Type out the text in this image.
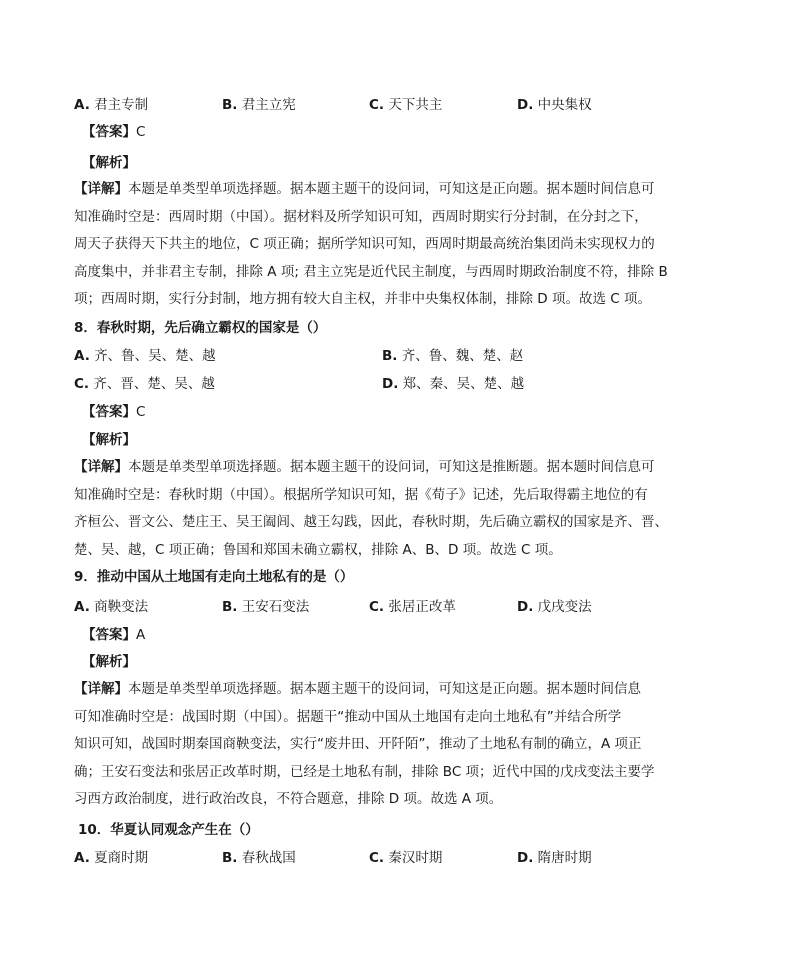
A. 君主专制	B. 君主立宪	C. 天下共主	D. 中央集权
【答案】C
【解析】
【详解】本题是单类型单项选择题。据本题主题干的设问词，可知这是正向题。据本题时间信息可
知准确时空是：西周时期（中国）。据材料及所学知识可知，西周时期实行分封制，在分封之下，
周天子获得天下共主的地位，C 项正确；据所学知识可知，西周时期最高统治集团尚未实现权力的
高度集中，并非君主专制，排除 A 项; 君主立宪是近代民主制度，与西周时期政治制度不符，排除 B
项；西周时期，实行分封制，地方拥有较大自主权，并非中央集权体制，排除 D 项。故选 C 项。
8．春秋时期，先后确立霸权的国家是（）
A. 齐、鲁、吴、楚、越	B. 齐、鲁、魏、楚、赵
C. 齐、晋、楚、吴、越	D. 郑、秦、吴、楚、越
【答案】C
【解析】
【详解】本题是单类型单项选择题。据本题主题干的设问词，可知这是推断题。据本题时间信息可
知准确时空是：春秋时期（中国）。根据所学知识可知，据《荀子》记述，先后取得霸主地位的有
齐桓公、晋文公、楚庄王、吴王阖闾、越王勾践，因此，春秋时期，先后确立霸权的国家是齐、晋、
楚、吴、越，C 项正确；鲁国和郑国未确立霸权，排除 A、B、D 项。故选 C 项。
9．推动中国从土地国有走向土地私有的是（）
A. 商鞅变法	B. 王安石变法	C. 张居正改革	D. 戊戌变法
【答案】A
【解析】
【详解】本题是单类型单项选择题。据本题主题干的设问词，可知这是正向题。据本题时间信息
可知准确时空是：战国时期（中国）。据题干“推动中国从土地国有走向土地私有”并结合所学
知识可知，战国时期秦国商鞅变法，实行“废井田、开阡陌”，推动了土地私有制的确立，A 项正
确；王安石变法和张居正改革时期，已经是土地私有制，排除 BC 项；近代中国的戊戌变法主要学
习西方政治制度，进行政治改良，不符合题意，排除 D 项。故选 A 项。
10．华夏认同观念产生在（）
A. 夏商时期	B. 春秋战国	C. 秦汉时期	D. 隋唐时期
